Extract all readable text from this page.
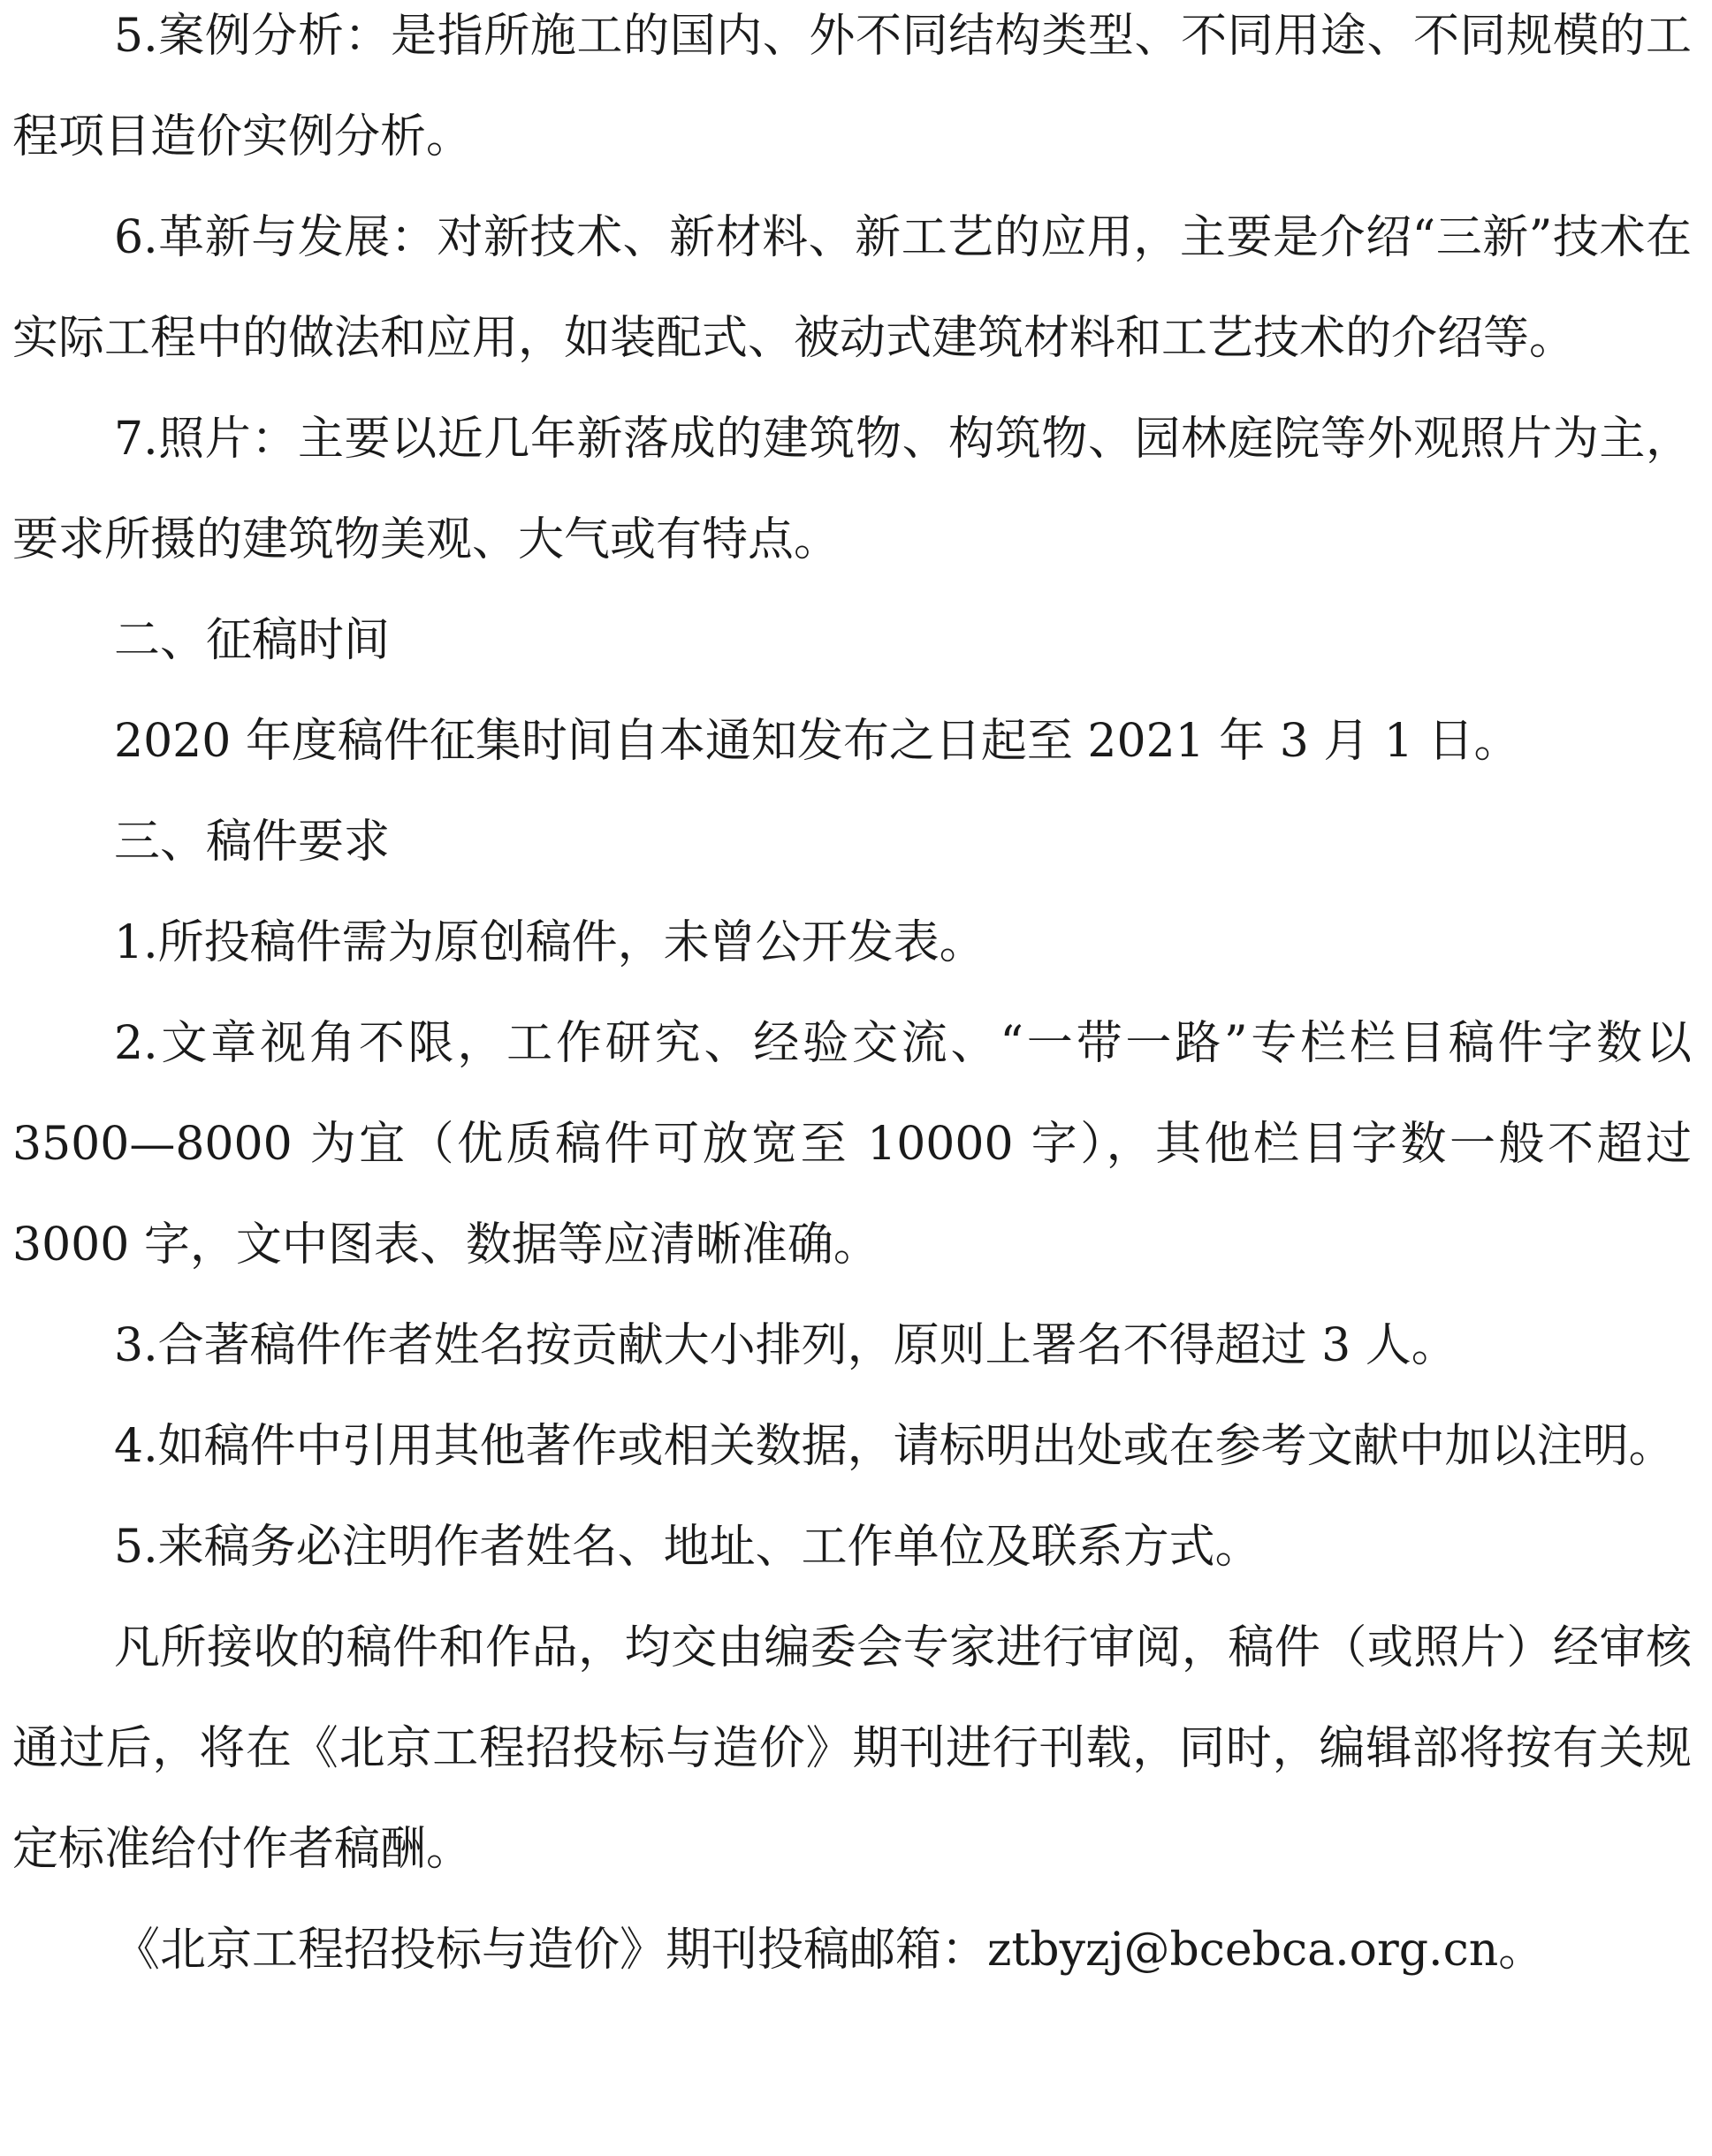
5.案例分析：是指所施工的国内、外不同结构类型、不同用途、不同规模的工程项目造价实例分析。

6.革新与发展：对新技术、新材料、新工艺的应用，主要是介绍“三新”技术在实际工程中的做法和应用，如装配式、被动式建筑材料和工艺技术的介绍等。

7.照片：主要以近几年新落成的建筑物、构筑物、园林庭院等外观照片为主，要求所摄的建筑物美观、大气或有特点。

二、征稿时间

2020 年度稿件征集时间自本通知发布之日起至 2021 年 3 月 1 日。

三、稿件要求

1.所投稿件需为原创稿件，未曾公开发表。

2.文章视角不限，工作研究、经验交流、“一带一路”专栏栏目稿件字数以 3500—8000 为宜（优质稿件可放宽至 10000 字），其他栏目字数一般不超过 3000 字，文中图表、数据等应清晰准确。

3.合著稿件作者姓名按贡献大小排列，原则上署名不得超过 3 人。

4.如稿件中引用其他著作或相关数据，请标明出处或在参考文献中加以注明。

5.来稿务必注明作者姓名、地址、工作单位及联系方式。

凡所接收的稿件和作品，均交由编委会专家进行审阅，稿件（或照片）经审核通过后，将在《北京工程招投标与造价》期刊进行刊载，同时，编辑部将按有关规定标准给付作者稿酬。

《北京工程招投标与造价》期刊投稿邮箱：ztbyzj@bcebca.org.cn。
